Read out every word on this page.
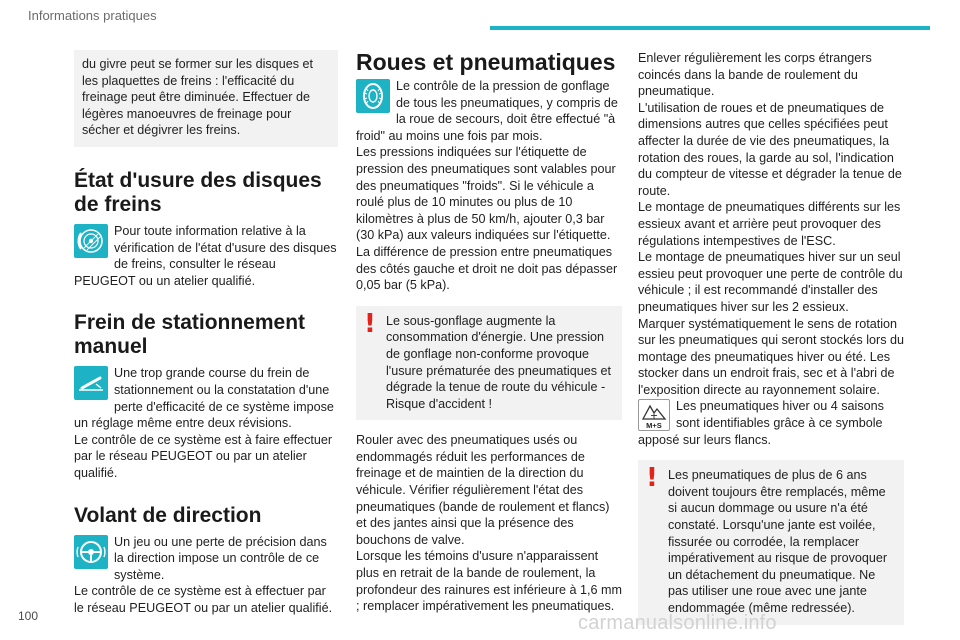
Informations pratiques

du givre peut se former sur les disques et les plaquettes de freins : l'efficacité du freinage peut être diminuée. Effectuer de légères manoeuvres de freinage pour sécher et dégivrer les freins.

État d'usure des disques de freins

Pour toute information relative à la vérification de l'état d'usure des disques de freins, consulter le réseau PEUGEOT ou un atelier qualifié.

Frein de stationnement manuel

Une trop grande course du frein de stationnement ou la constatation d'une perte d'efficacité de ce système impose un réglage même entre deux révisions.

Le contrôle de ce système est à faire effectuer par le réseau PEUGEOT ou par un atelier qualifié.

Volant de direction

Un jeu ou une perte de précision dans la direction impose un contrôle de ce système.

Le contrôle de ce système est à effectuer par le réseau PEUGEOT ou par un atelier qualifié.

Roues et pneumatiques

Le contrôle de la pression de gonflage de tous les pneumatiques, y compris de la roue de secours, doit être effectué "à froid" au moins une fois par mois.

Les pressions indiquées sur l'étiquette de pression des pneumatiques sont valables pour des pneumatiques "froids". Si le véhicule a roulé plus de 10 minutes ou plus de 10 kilomètres à plus de 50 km/h, ajouter 0,3 bar (30 kPa) aux valeurs indiquées sur l'étiquette.

La différence de pression entre pneumatiques des côtés gauche et droit ne doit pas dépasser 0,05 bar (5 kPa).

! Le sous-gonflage augmente la consommation d'énergie. Une pression de gonflage non-conforme provoque l'usure prématurée des pneumatiques et dégrade la tenue de route du véhicule - Risque d'accident !

Rouler avec des pneumatiques usés ou endommagés réduit les performances de freinage et de maintien de la direction du véhicule. Vérifier régulièrement l'état des pneumatiques (bande de roulement et flancs) et des jantes ainsi que la présence des bouchons de valve.

Lorsque les témoins d'usure n'apparaissent plus en retrait de la bande de roulement, la profondeur des rainures est inférieure à 1,6 mm ; remplacer impérativement les pneumatiques.

Enlever régulièrement les corps étrangers coincés dans la bande de roulement du pneumatique.

L'utilisation de roues et de pneumatiques de dimensions autres que celles spécifiées peut affecter la durée de vie des pneumatiques, la rotation des roues, la garde au sol, l'indication du compteur de vitesse et dégrader la tenue de route.

Le montage de pneumatiques différents sur les essieux avant et arrière peut provoquer des régulations intempestives de l'ESC.

Le montage de pneumatiques hiver sur un seul essieu peut provoquer une perte de contrôle du véhicule ; il est recommandé d'installer des pneumatiques hiver sur les 2 essieux.

Marquer systématiquement le sens de rotation sur les pneumatiques qui seront stockés lors du montage des pneumatiques hiver ou été. Les stocker dans un endroit frais, sec et à l'abri de l'exposition directe au rayonnement solaire.

M+S

Les pneumatiques hiver ou 4 saisons sont identifiables grâce à ce symbole apposé sur leurs flancs.

! Les pneumatiques de plus de 6 ans doivent toujours être remplacés, même si aucun dommage ou usure n'a été constaté. Lorsqu'une jante est voilée, fissurée ou corrodée, la remplacer impérativement au risque de provoquer un détachement du pneumatique. Ne pas utiliser une roue avec une jante endommagée (même redressée).
100	carmanualsonline.info
